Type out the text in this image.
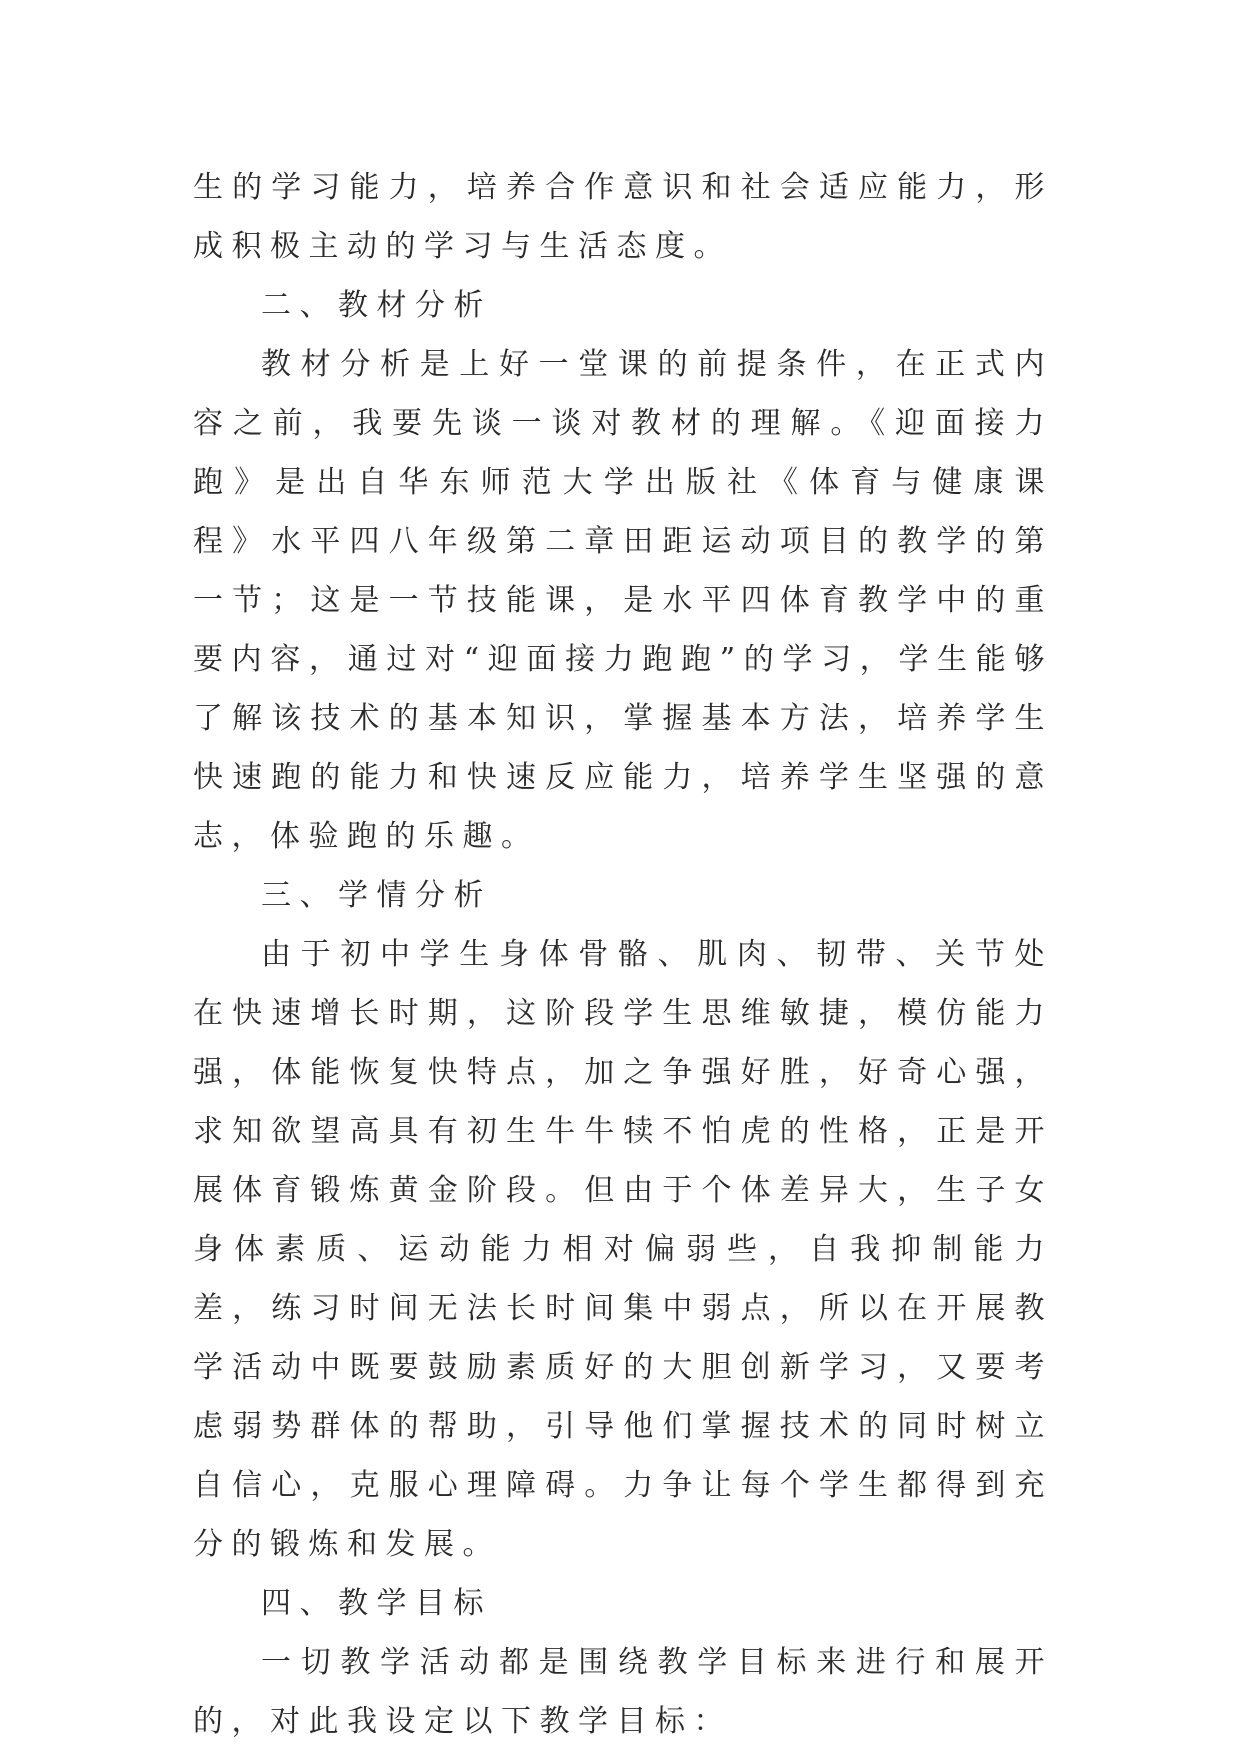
生的学习能力，培养合作意识和社会适应能力，形成积极主动的学习与生活态度。

二、教材分析

教材分析是上好一堂课的前提条件，在正式内容之前，我要先谈一谈对教材的理解。《迎面接力跑》是出自华东师范大学出版社《体育与健康课程》水平四八年级第二章田距运动项目的教学的第一节；这是一节技能课，是水平四体育教学中的重要内容，通过对“迎面接力跑跑”的学习，学生能够了解该技术的基本知识，掌握基本方法，培养学生快速跑的能力和快速反应能力，培养学生坚强的意志，体验跑的乐趣。

三、学情分析

由于初中学生身体骨骼、肌肉、韧带、关节处在快速增长时期，这阶段学生思维敏捷，模仿能力强，体能恢复快特点，加之争强好胜，好奇心强，求知欲望高具有初生牛牛犊不怕虎的性格，正是开展体育锻炼黄金阶段。但由于个体差异大，生子女身体素质、运动能力相对偏弱些，自我抑制能力差，练习时间无法长时间集中弱点，所以在开展教学活动中既要鼓励素质好的大胆创新学习，又要考虑弱势群体的帮助，引导他们掌握技术的同时树立自信心，克服心理障碍。力争让每个学生都得到充分的锻炼和发展。

四、教学目标

一切教学活动都是围绕教学目标来进行和展开的，对此我设定以下教学目标：
